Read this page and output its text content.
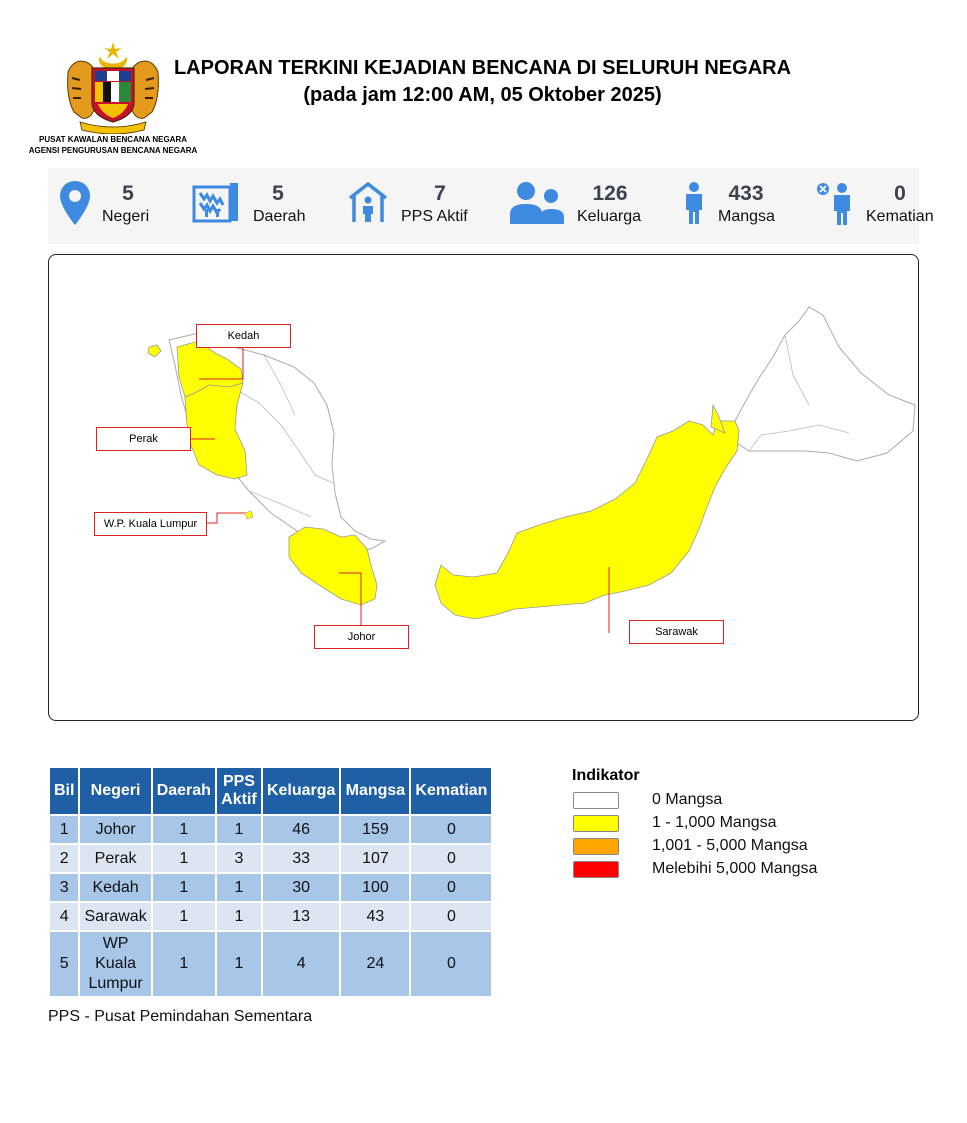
PUSAT KAWALAN BENCANA NEGARA
AGENSI PENGURUSAN BENCANA NEGARA
LAPORAN TERKINI KEJADIAN BENCANA DI SELURUH NEGARA
(pada jam 12:00 AM, 05 Oktober 2025)
5
Negeri
5
Daerah
7
PPS Aktif
126
Keluarga
433
Mangsa
0
Kematian
Kedah
Perak
W.P. Kuala Lumpur
Johor	Sarawak
Bil	Negeri	Daerah	PPS Aktif	Keluarga	Mangsa	Kematian
1	Johor	1	1	46	159	0
2	Perak	1	3	33	107	0
3	Kedah	1	1	30	100	0
4	Sarawak	1	1	13	43	0
5	WP Kuala Lumpur	1	1	4	24	0
PPS - Pusat Pemindahan Sementara
Indikator
0 Mangsa
1 - 1,000 Mangsa
1,001 - 5,000 Mangsa
Melebihi 5,000 Mangsa
